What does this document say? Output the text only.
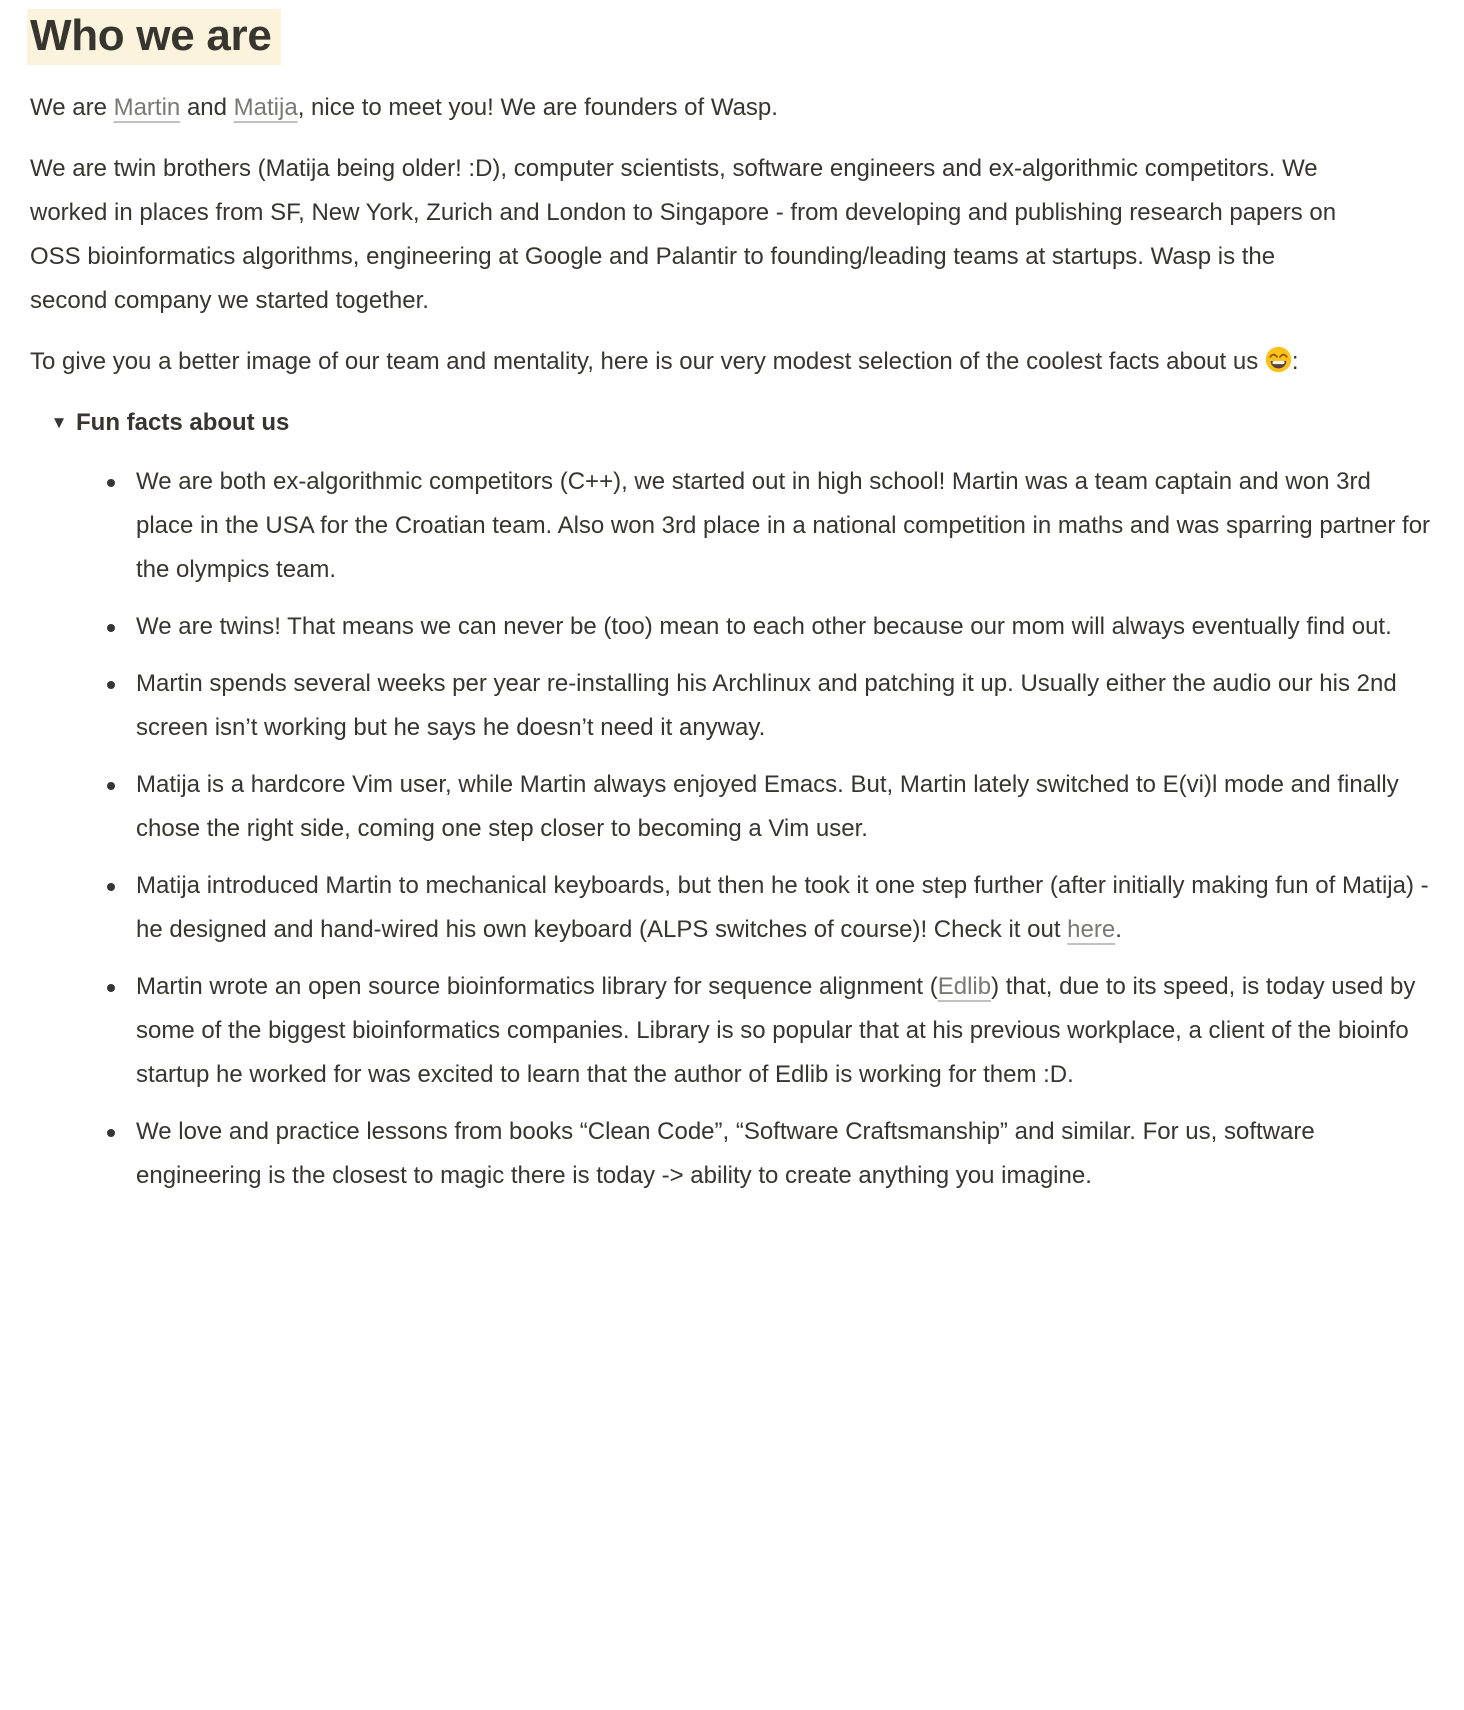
Who we are

We are Martin and Matija, nice to meet you! We are founders of Wasp.

We are twin brothers (Matija being older! :D), computer scientists, software engineers and ex-algorithmic competitors. We worked in places from SF, New York, Zurich and London to Singapore - from developing and publishing research papers on OSS bioinformatics algorithms, engineering at Google and Palantir to founding/leading teams at startups. Wasp is the second company we started together.

To give you a better image of our team and mentality, here is our very modest selection of the coolest facts about us :

▼ Fun facts about us
We are both ex-algorithmic competitors (C++), we started out in high school! Martin was a team captain and won 3rd place in the USA for the Croatian team. Also won 3rd place in a national competition in maths and was sparring partner for the olympics team.
We are twins! That means we can never be (too) mean to each other because our mom will always eventually find out.
Martin spends several weeks per year re-installing his Archlinux and patching it up. Usually either the audio our his 2nd screen isn’t working but he says he doesn’t need it anyway.
Matija is a hardcore Vim user, while Martin always enjoyed Emacs. But, Martin lately switched to E(vi)l mode and finally chose the right side, coming one step closer to becoming a Vim user.
Matija introduced Martin to mechanical keyboards, but then he took it one step further (after initially making fun of Matija) - he designed and hand-wired his own keyboard (ALPS switches of course)! Check it out here.
Martin wrote an open source bioinformatics library for sequence alignment (Edlib) that, due to its speed, is today used by some of the biggest bioinformatics companies. Library is so popular that at his previous workplace, a client of the bioinfo startup he worked for was excited to learn that the author of Edlib is working for them :D.
We love and practice lessons from books “Clean Code”, “Software Craftsmanship” and similar. For us, software engineering is the closest to magic there is today -> ability to create anything you imagine.
